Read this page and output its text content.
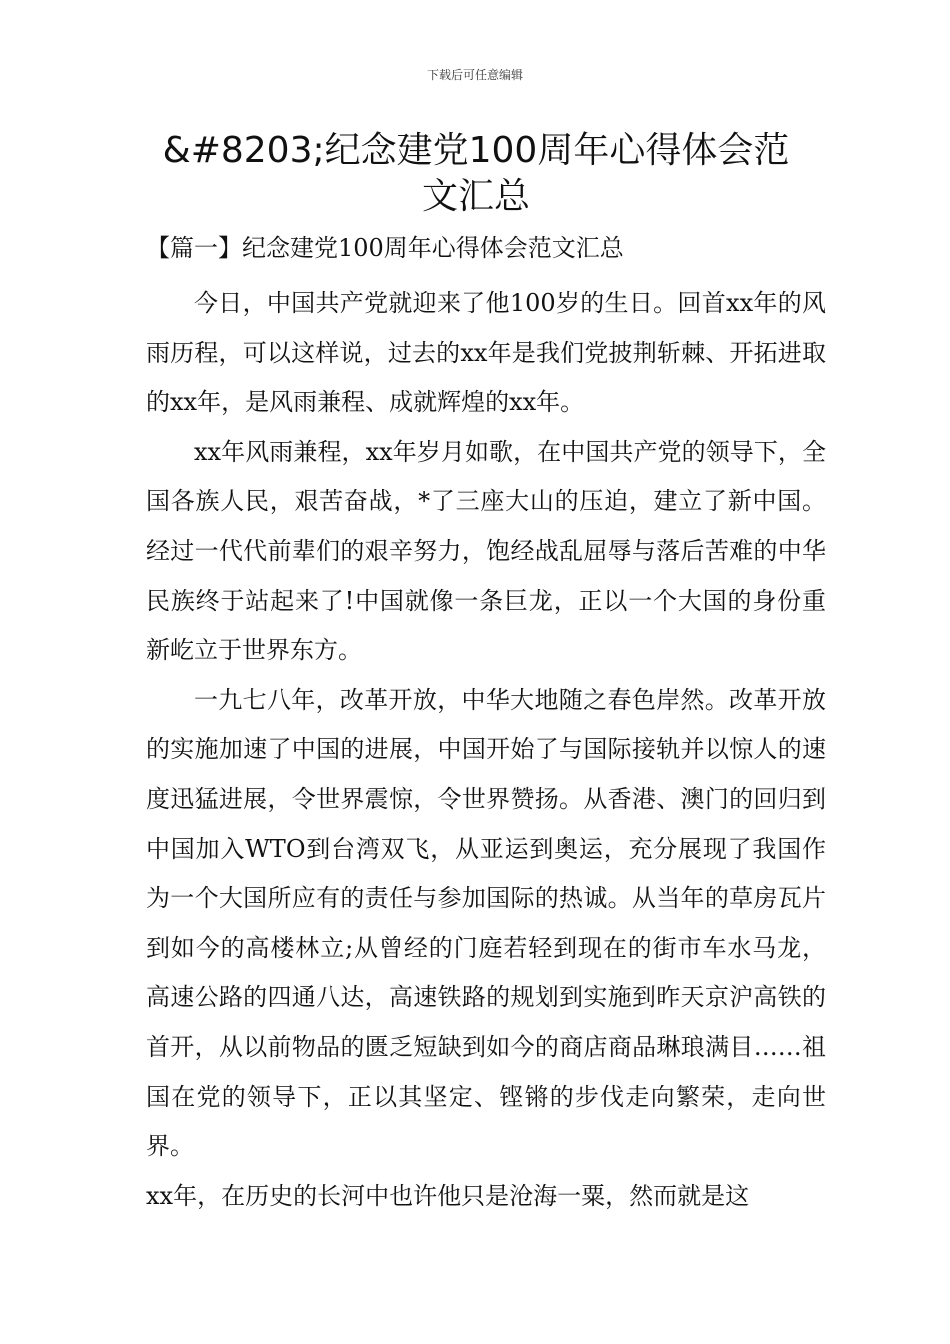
下载后可任意编辑
&#8203;纪念建党100周年心得体会范文汇总
【篇一】纪念建党100周年心得体会范文汇总

今日，中国共产党就迎来了他100岁的生日。回首xx年的风雨历程，可以这样说，过去的xx年是我们党披荆斩棘、开拓进取的xx年，是风雨兼程、成就辉煌的xx年。

xx年风雨兼程，xx年岁月如歌，在中国共产党的领导下，全国各族人民，艰苦奋战，*了三座大山的压迫，建立了新中国。经过一代代前辈们的艰辛努力，饱经战乱屈辱与落后苦难的中华民族终于站起来了!中国就像一条巨龙，正以一个大国的身份重新屹立于世界东方。

一九七八年，改革开放，中华大地随之春色岸然。改革开放的实施加速了中国的进展，中国开始了与国际接轨并以惊人的速度迅猛进展，令世界震惊，令世界赞扬。从香港、澳门的回归到中国加入WTO到台湾双飞，从亚运到奥运，充分展现了我国作为一个大国所应有的责任与参加国际的热诚。从当年的草房瓦片到如今的高楼林立;从曾经的门庭若轻到现在的街市车水马龙，高速公路的四通八达，高速铁路的规划到实施到昨天京沪高铁的首开，从以前物品的匮乏短缺到如今的商店商品琳琅满目……祖国在党的领导下，正以其坚定、铿锵的步伐走向繁荣，走向世界。

xx年，在历史的长河中也许他只是沧海一粟，然而就是这
